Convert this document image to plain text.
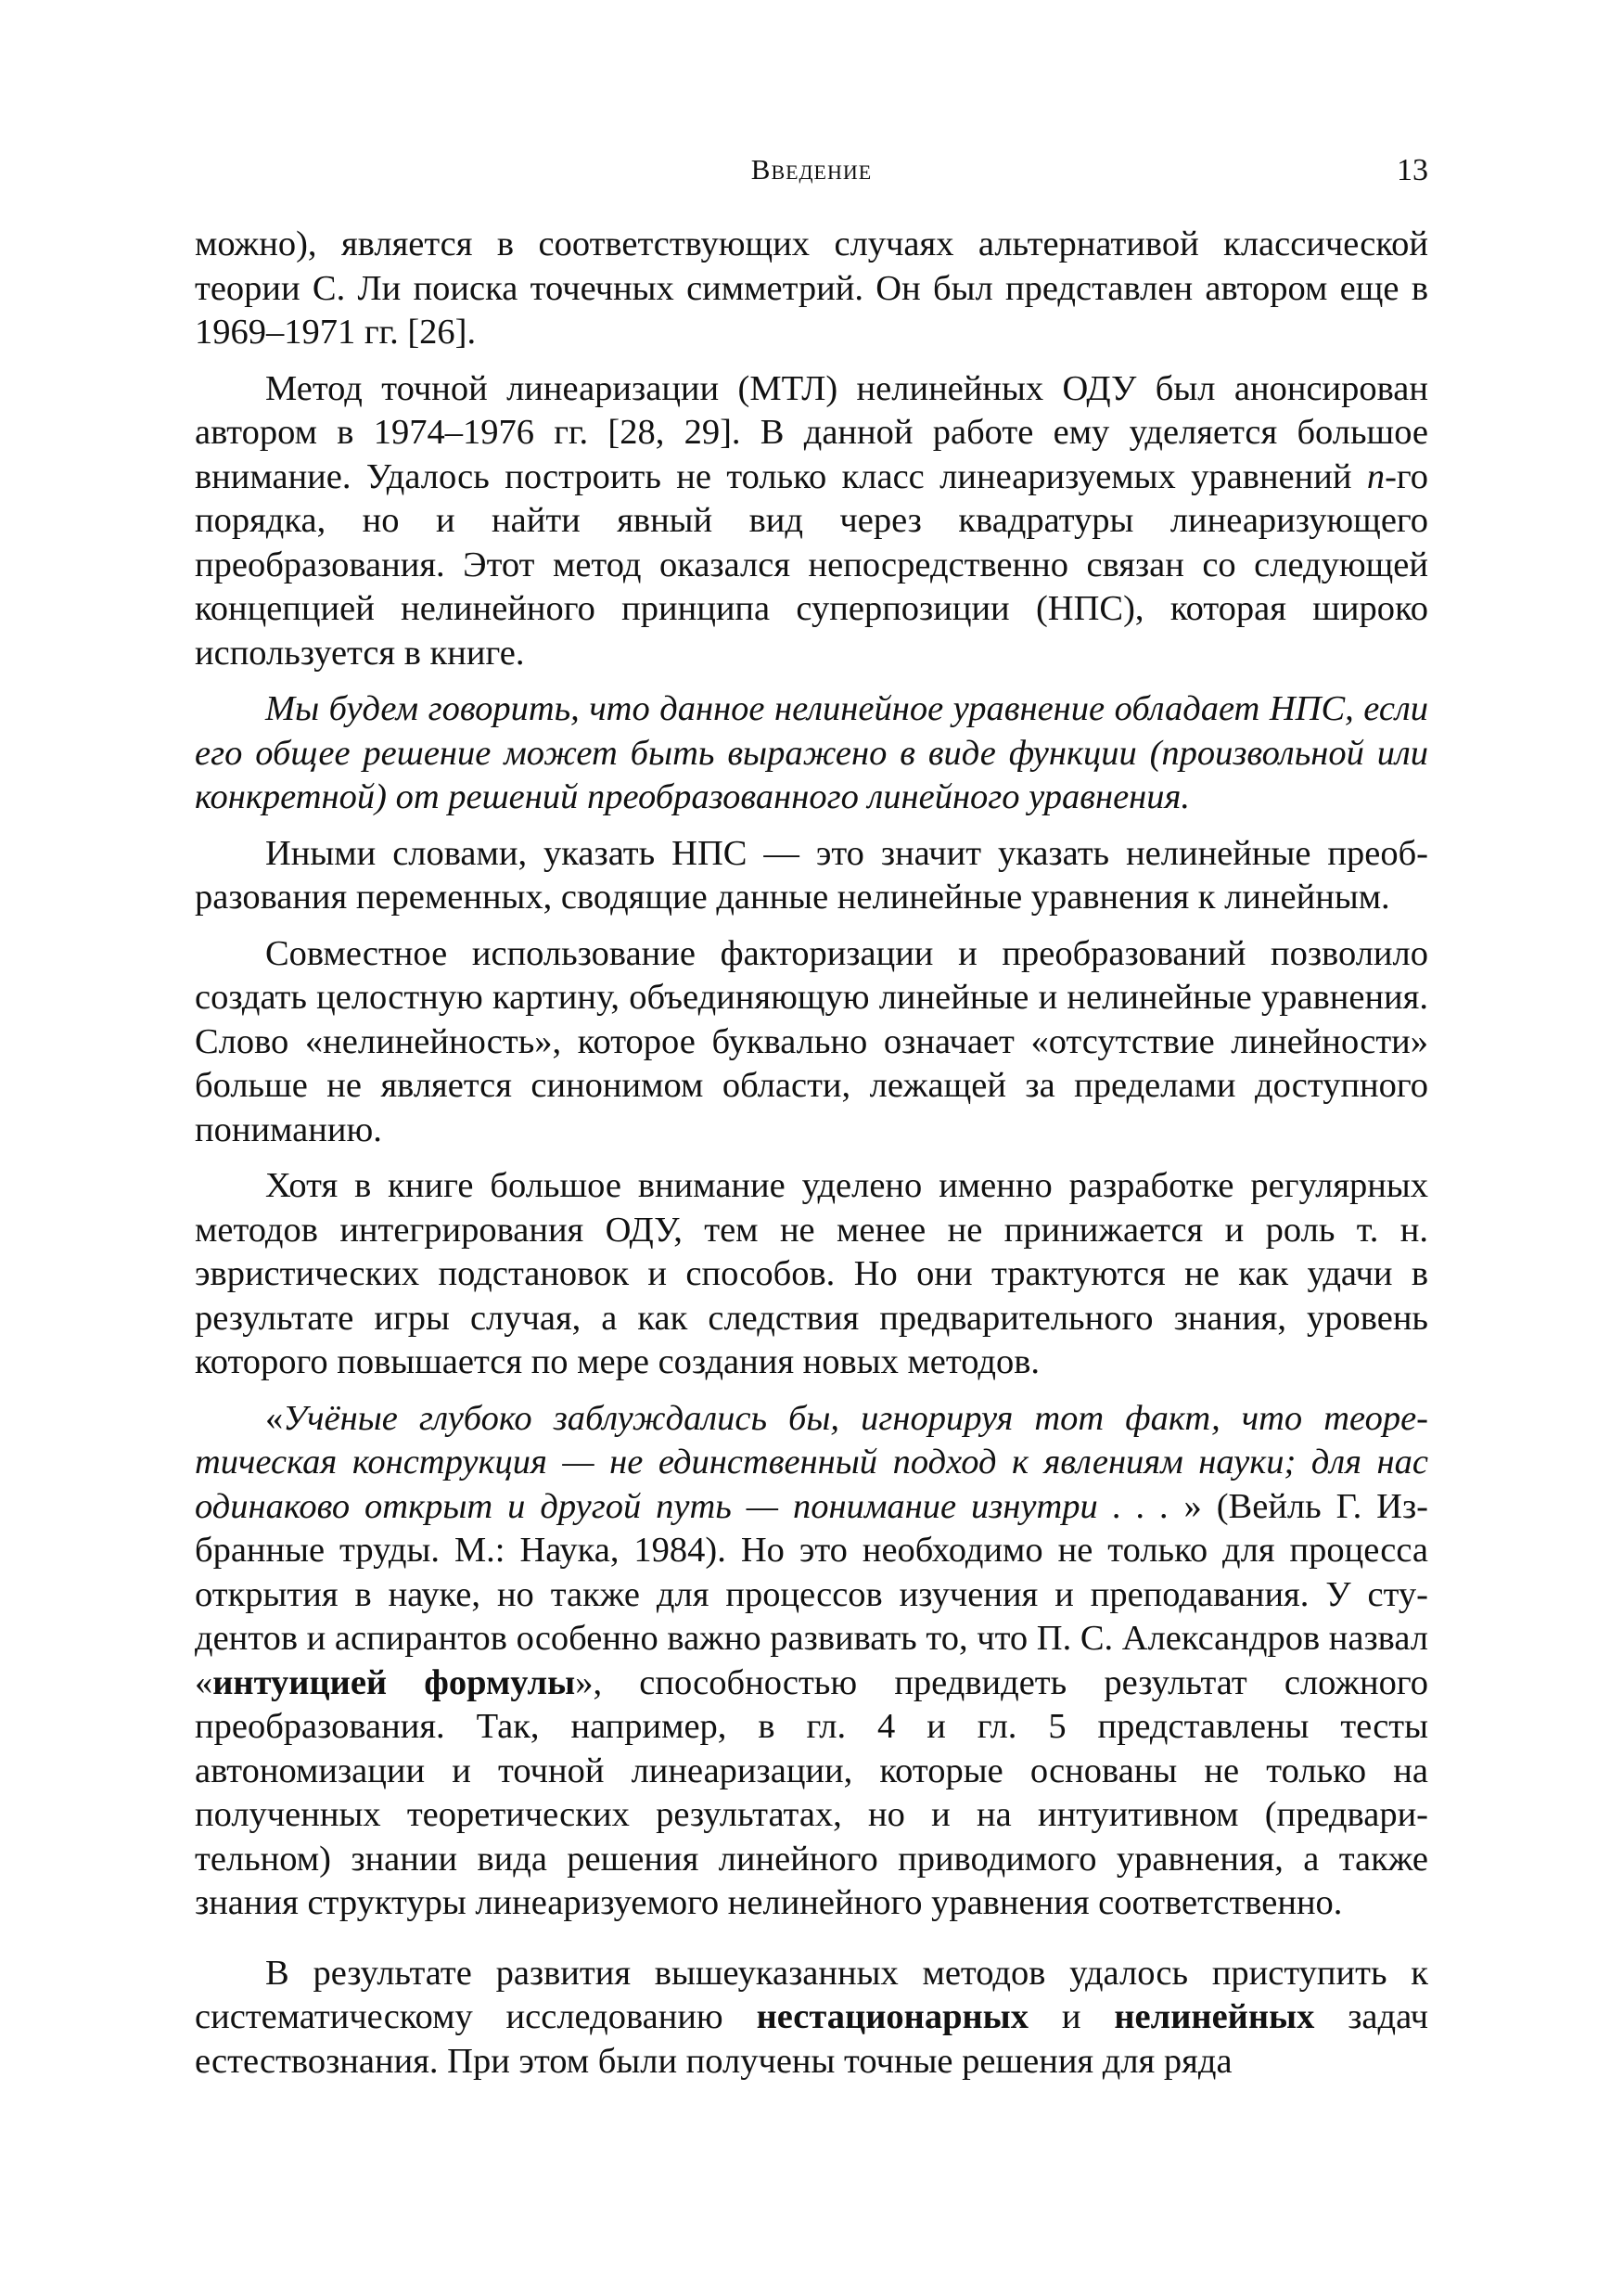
Введение	13

можно), является в соответствующих случаях альтернативой классической теории С. Ли поиска точечных симметрий. Он был представлен автором еще в 1969–1971 гг. [26].

Метод точной линеаризации (МТЛ) нелинейных ОДУ был анонсирован автором в 1974–1976 гг. [28, 29]. В данной работе ему уделяется большое внимание. Удалось построить не только класс линеаризуемых уравнений n-го порядка, но и найти явный вид через квадратуры линеаризующего преобразования. Этот метод оказался непосредственно связан со следующей концепцией нелинейного принципа суперпозиции (НПС), которая широко используется в книге.

Мы будем говорить, что данное нелинейное уравнение обладает НПС, если его общее решение может быть выражено в виде функции (произвольной или конкретной) от решений преобразованного линейного уравнения.

Иными словами, указать НПС — это значит указать нелинейные преобразования переменных, сводящие данные нелинейные уравнения к линейным.

Совместное использование факторизации и преобразований позволило создать целостную картину, объединяющую линейные и нелинейные уравнения. Слово «нелинейность», которое буквально означает «отсутствие линейности» больше не является синонимом области, лежащей за пределами доступного пониманию.

Хотя в книге большое внимание уделено именно разработке регулярных методов интегрирования ОДУ, тем не менее не принижается и роль т. н. эвристических подстановок и способов. Но они трактуются не как удачи в результате игры случая, а как следствия предварительного знания, уровень которого повышается по мере создания новых методов.

«Учёные глубоко заблуждались бы, игнорируя тот факт, что теоретическая конструкция — не единственный подход к явлениям науки; для нас одинаково открыт и другой путь — понимание изнутри . . . » (Вейль Г. Избранные труды. М.: Наука, 1984). Но это необходимо не только для процесса открытия в науке, но также для процессов изучения и преподавания. У студентов и аспирантов особенно важно развивать то, что П. С. Александров назвал «интуицией формулы», способностью предвидеть результат сложного преобразования. Так, например, в гл. 4 и гл. 5 представлены тесты автономизации и точной линеаризации, которые основаны не только на полученных теоретических результатах, но и на интуитивном (предварительном) знании вида решения линейного приводимого уравнения, а также знания структуры линеаризуемого нелинейного уравнения соответственно.

В результате развития вышеуказанных методов удалось приступить к систематическому исследованию нестационарных и нелинейных задач естествознания. При этом были получены точные решения для ряда
